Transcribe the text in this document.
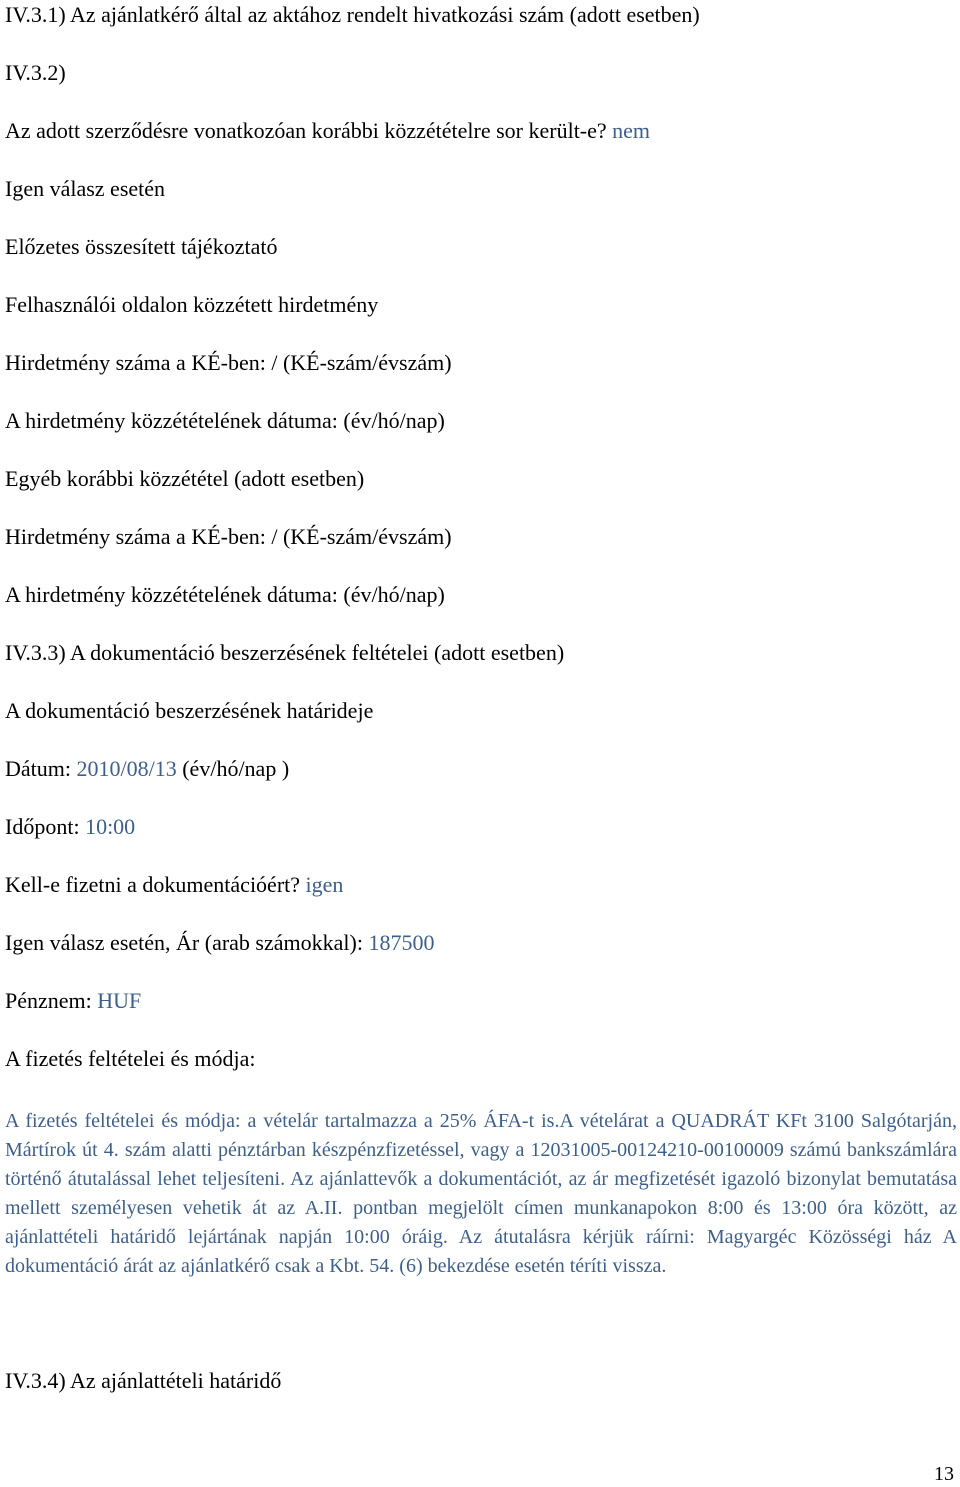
IV.3.1) Az ajánlatkérő által az aktához rendelt hivatkozási szám (adott esetben)

IV.3.2)

Az adott szerződésre vonatkozóan korábbi közzétételre sor került-e? nem

Igen válasz esetén

Előzetes összesített tájékoztató

Felhasználói oldalon közzétett hirdetmény

Hirdetmény száma a KÉ-ben: / (KÉ-szám/évszám)

A hirdetmény közzétételének dátuma: (év/hó/nap)

Egyéb korábbi közzététel (adott esetben)

Hirdetmény száma a KÉ-ben: / (KÉ-szám/évszám)

A hirdetmény közzétételének dátuma: (év/hó/nap)

IV.3.3) A dokumentáció beszerzésének feltételei (adott esetben)

A dokumentáció beszerzésének határideje

Dátum: 2010/08/13 (év/hó/nap )

Időpont: 10:00

Kell-e fizetni a dokumentációért? igen

Igen válasz esetén, Ár (arab számokkal): 187500

Pénznem: HUF

A fizetés feltételei és módja:

A fizetés feltételei és módja: a vételár tartalmazza a 25% ÁFA-t is.A vételárat a QUADRÁT KFt 3100 Salgótarján, Mártírok út 4. szám alatti pénztárban készpénzfizetéssel, vagy a 12031005-00124210-00100009 számú bankszámlára történő átutalással lehet teljesíteni. Az ajánlattevők a dokumentációt, az ár megfizetését igazoló bizonylat bemutatása mellett személyesen vehetik át az A.II. pontban megjelölt címen munkanapokon 8:00 és 13:00 óra között, az ajánlattételi határidő lejártának napján 10:00 óráig. Az átutalásra kérjük ráírni: Magyargéc Közösségi ház A dokumentáció árát az ajánlatkérő csak a Kbt. 54. (6) bekezdése esetén téríti vissza.

IV.3.4) Az ajánlattételi határidő

13
